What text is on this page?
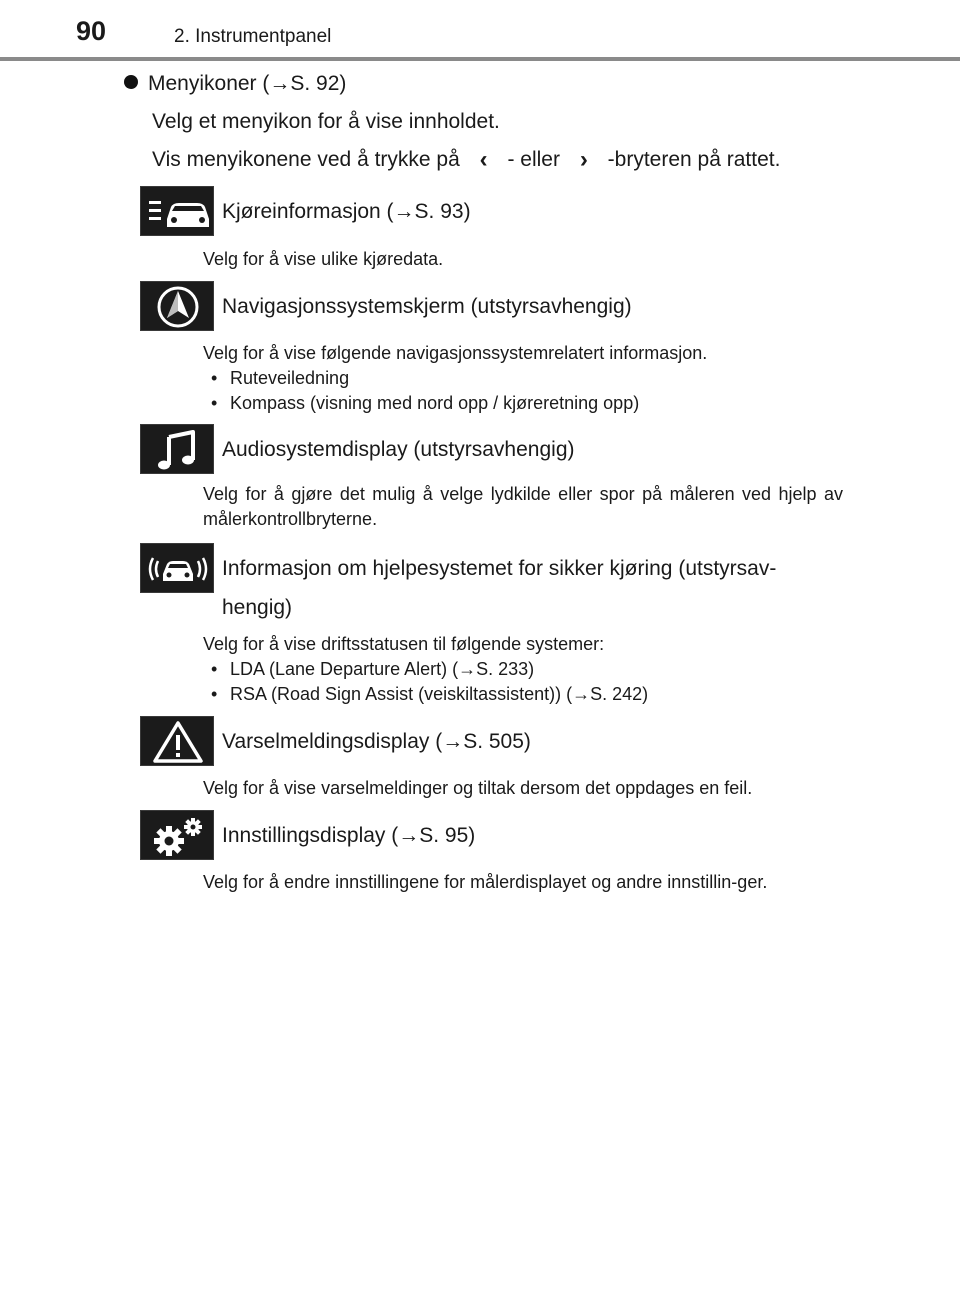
90	2. Instrumentpanel
Menyikoner (→S. 92)
Velg et menyikon for å vise innholdet.
Vis menyikonene ved å trykke på ‹ - eller › -bryteren på rattet.
Kjøreinformasjon (→S. 93)
Velg for å vise ulike kjøredata.
Navigasjonssystemskjerm (utstyrsavhengig)
Velg for å vise følgende navigasjonssystemrelatert informasjon.
• Ruteveiledning
• Kompass (visning med nord opp / kjøreretning opp)
Audiosystemdisplay (utstyrsavhengig)
Velg for å gjøre det mulig å velge lydkilde eller spor på måleren ved hjelp av målerkontrollbryterne.
Informasjon om hjelpesystemet for sikker kjøring (utstyrsav-
hengig)
Velg for å vise driftsstatusen til følgende systemer:
• LDA (Lane Departure Alert) (→S. 233)
• RSA (Road Sign Assist (veiskiltassistent)) (→S. 242)
Varselmeldingsdisplay (→S. 505)
Velg for å vise varselmeldinger og tiltak dersom det oppdages en feil.
Innstillingsdisplay (→S. 95)
Velg for å endre innstillingene for målerdisplayet og andre innstillin-ger.
